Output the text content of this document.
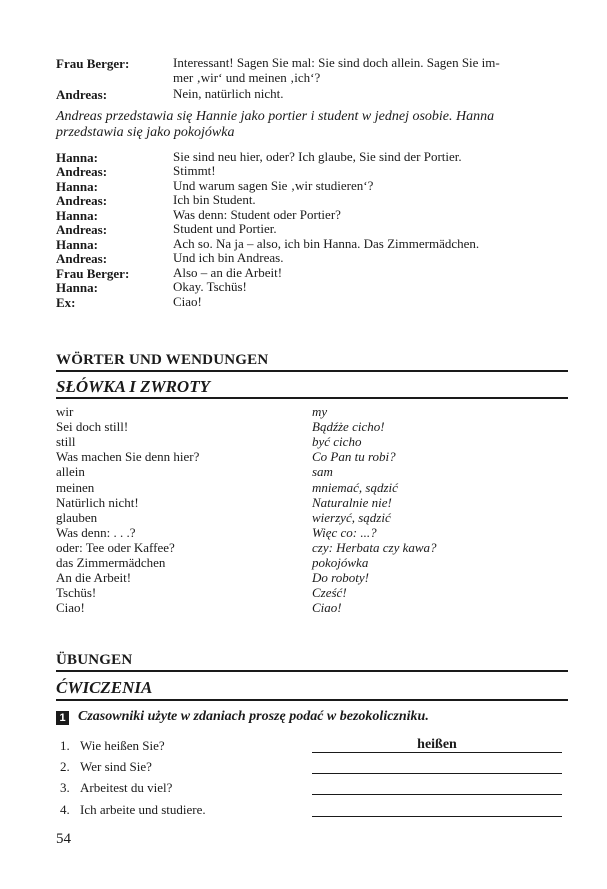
Frau Berger:	Interessant! Sagen Sie mal: Sie sind doch allein. Sagen Sie im-
mer ‚wir‘ und meinen ‚ich‘?
Andreas:	Nein, natürlich nicht.
Andreas przedstawia się Hannie jako portier i student w jednej osobie. Hanna
przedstawia się jako pokojówka
Hanna:	Sie sind neu hier, oder? Ich glaube, Sie sind der Portier.
Andreas:	Stimmt!
Hanna:	Und warum sagen Sie ‚wir studieren‘?
Andreas:	Ich bin Student.
Hanna:	Was denn: Student oder Portier?
Andreas:	Student und Portier.
Hanna:	Ach so. Na ja – also, ich bin Hanna. Das Zimmermädchen.
Andreas:	Und ich bin Andreas.
Frau Berger:	Also – an die Arbeit!
Hanna:	Okay. Tschüs!
Ex:	Ciao!
WÖRTER UND WENDUNGEN
SŁÓWKA I ZWROTY
wir	my
Sei doch still!	Bądźże cicho!
still	być cicho
Was machen Sie denn hier?	Co Pan tu robi?
allein	sam
meinen	mniemać, sądzić
Natürlich nicht!	Naturalnie nie!
glauben	wierzyć, sądzić
Was denn: . . .?	Więc co: ...?
oder: Tee oder Kaffee?	czy: Herbata czy kawa?
das Zimmermädchen	pokojówka
An die Arbeit!	Do roboty!
Tschüs!	Cześć!
Ciao!	Ciao!
ÜBUNGEN
ĆWICZENIA
1 Czasowniki użyte w zdaniach proszę podać w bezokoliczniku.
1. Wie heißen Sie?	heißen
2. Wer sind Sie?
3. Arbeitest du viel?
4. Ich arbeite und studiere.
54
